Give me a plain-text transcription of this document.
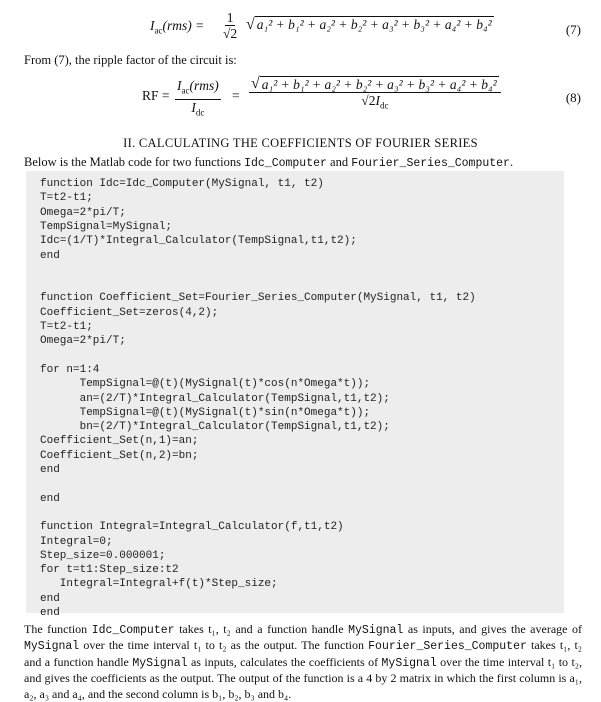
$I_{ac}(rms) = \frac{1}{√2}$ √ a₁² + b₁² + a₂² + b₂² + a₃² + b₃² + a₄² + b₄²	(7)
From (7), the ripple factor of the circuit is:
RF =
$I_{ac}(rms)$
$I_{dc}$
=
√ a₁² + b₁² + a₂² + b₂² + a₃² + b₃² + a₄² + b₄²
$√2I_{dc}$
(8)
II. CALCULATING THE COEFFICIENTS OF FOURIER SERIES
Below is the Matlab code for two functions Idc_Computer and Fourier_Series_Computer.
function Idc=Idc_Computer(MySignal, t1, t2)
T=t2-t1;
Omega=2*pi/T;
TempSignal=MySignal;
Idc=(1/T)*Integral_Calculator(TempSignal,t1,t2);
end
function Coefficient_Set=Fourier_Series_Computer(MySignal, t1, t2)
Coefficient_Set=zeros(4,2);
T=t2-t1;
Omega=2*pi/T;
for n=1:4
TempSignal=@(t)(MySignal(t)*cos(n*Omega*t));
an=(2/T)*Integral_Calculator(TempSignal,t1,t2);
TempSignal=@(t)(MySignal(t)*sin(n*Omega*t));
bn=(2/T)*Integral_Calculator(TempSignal,t1,t2);
Coefficient_Set(n,1)=an;
Coefficient_Set(n,2)=bn;
end
end
function Integral=Integral_Calculator(f,t1,t2)
Integral=0;
Step_size=0.000001;
for t=t1:Step_size:t2
Integral=Integral+f(t)*Step_size;
end
end
The function Idc_Computer takes t₁, t₂ and a function handle MySignal as inputs, and gives the average of MySignal over the time interval t₁ to t₂ as the output. The function Fourier_Series_Computer takes t₁, t₂ and a function handle MySignal as inputs, calculates the coefficients of MySignal over the time interval t₁ to t₂, and gives the coefficients as the output. The output of the function is a 4 by 2 matrix in which the first column is a₁, a₂, a₃ and a₄, and the second column is b₁, b₂, b₃ and b₄.
